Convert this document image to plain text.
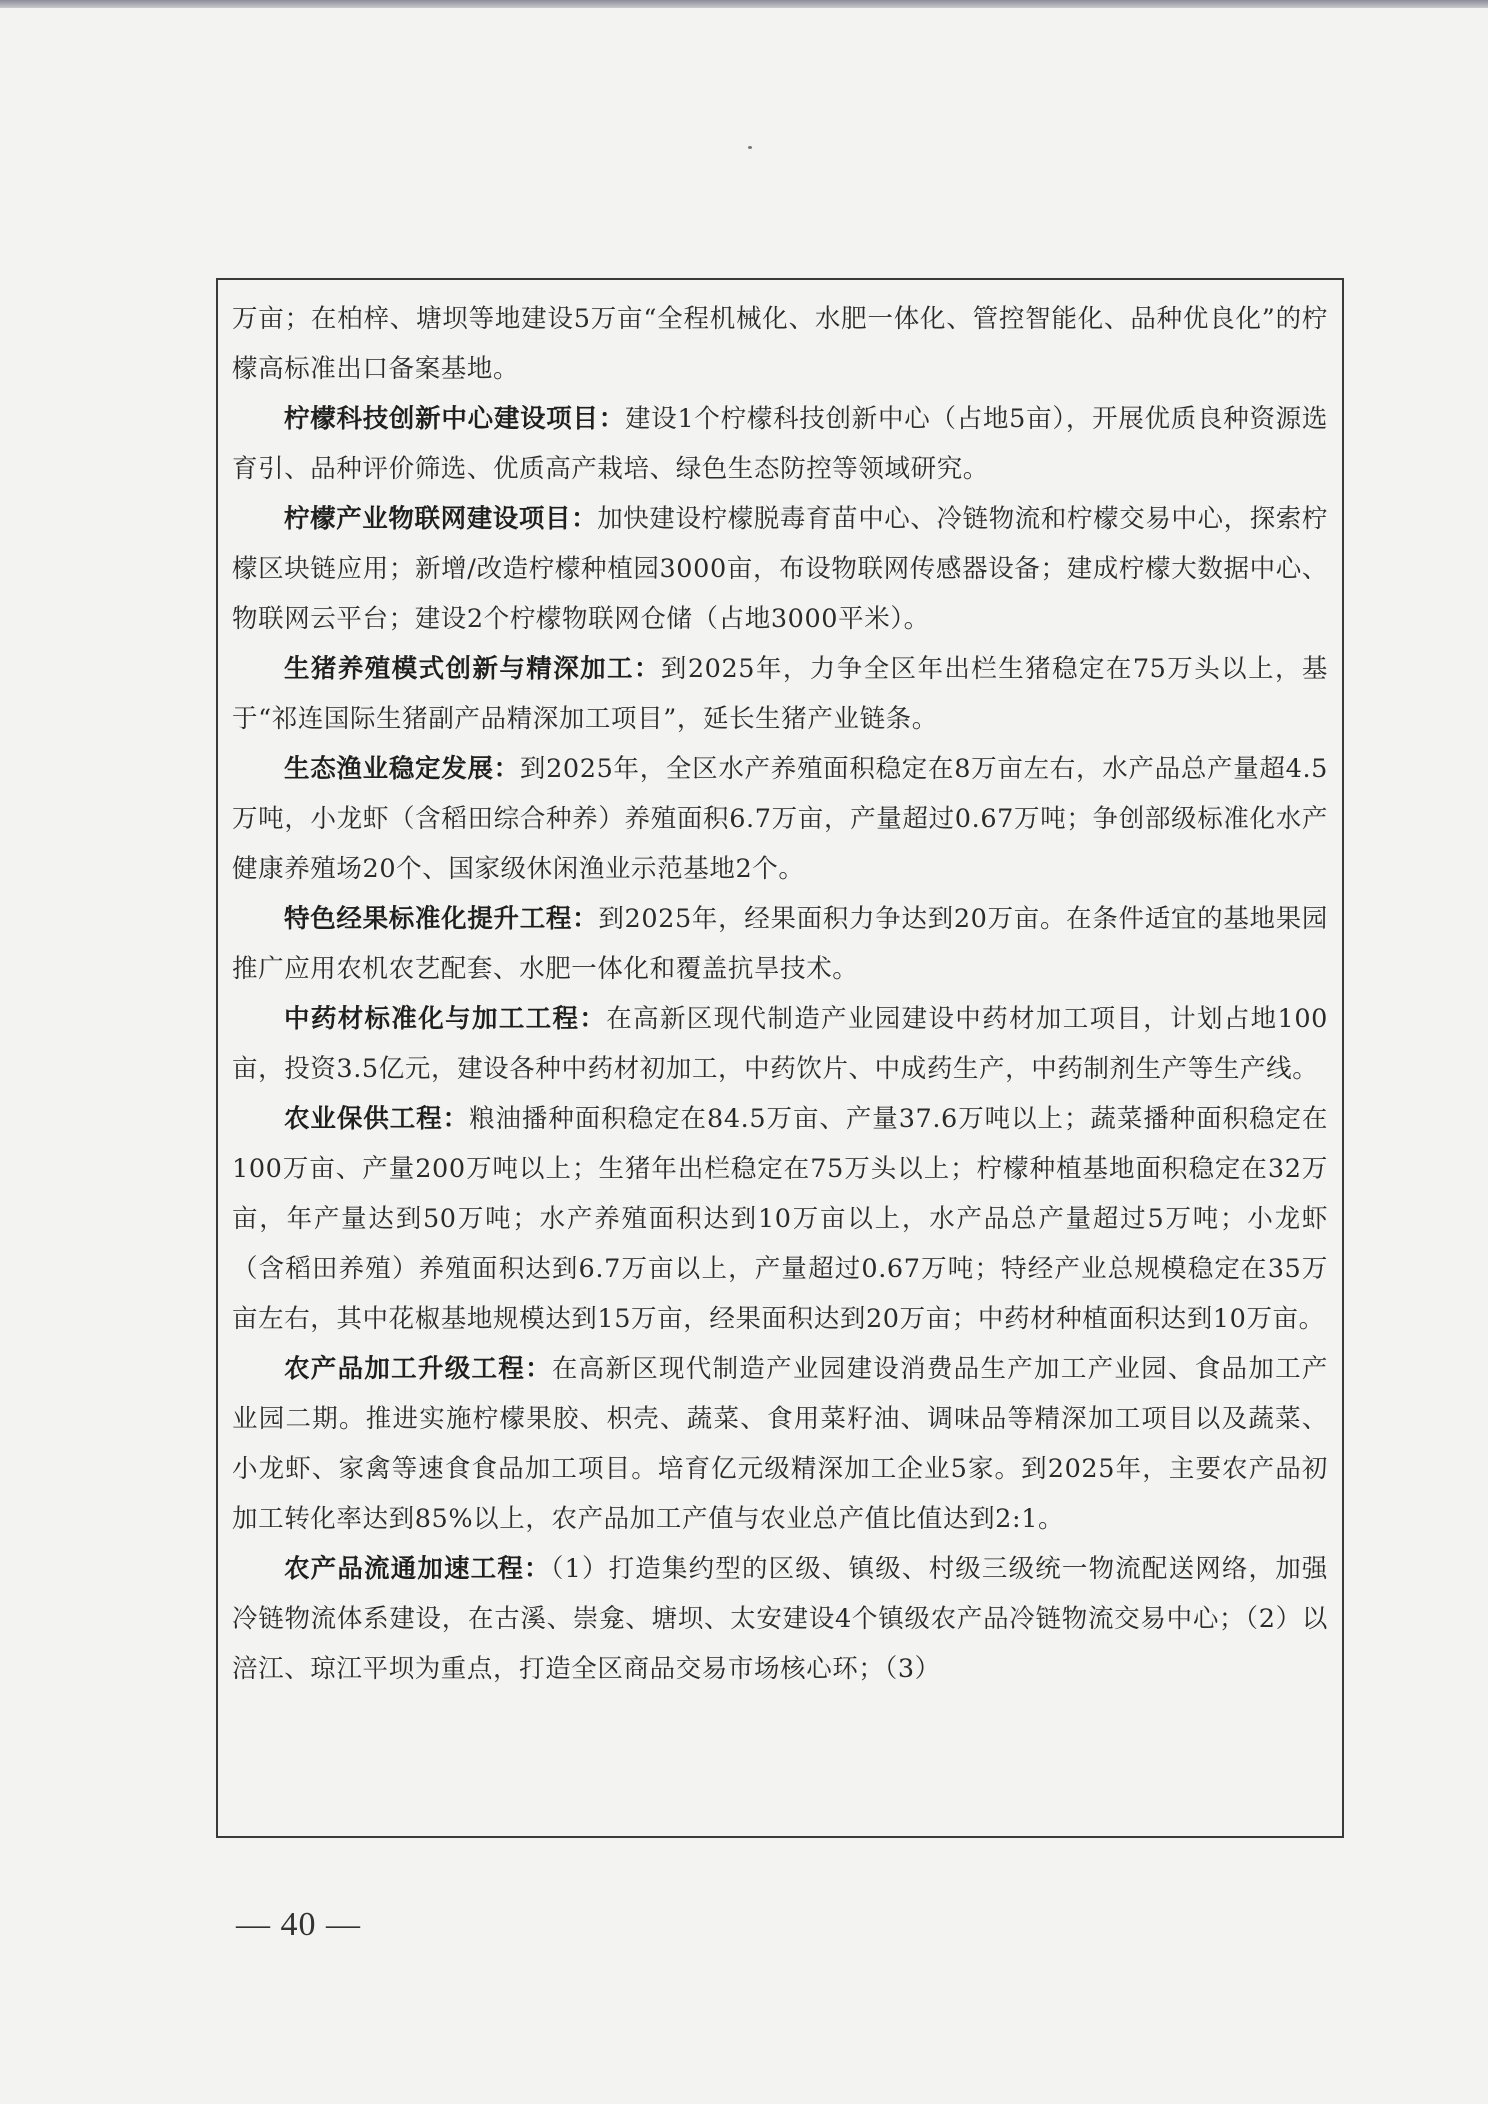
万亩；在柏梓、塘坝等地建设5万亩“全程机械化、水肥一体化、管控智能化、品种优良化”的柠檬高标准出口备案基地。

柠檬科技创新中心建设项目：建设1个柠檬科技创新中心（占地5亩），开展优质良种资源选育引、品种评价筛选、优质高产栽培、绿色生态防控等领域研究。

柠檬产业物联网建设项目：加快建设柠檬脱毒育苗中心、冷链物流和柠檬交易中心，探索柠檬区块链应用；新增/改造柠檬种植园3000亩，布设物联网传感器设备；建成柠檬大数据中心、物联网云平台；建设2个柠檬物联网仓储（占地3000平米）。

生猪养殖模式创新与精深加工：到2025年，力争全区年出栏生猪稳定在75万头以上，基于“祁连国际生猪副产品精深加工项目”，延长生猪产业链条。

生态渔业稳定发展：到2025年，全区水产养殖面积稳定在8万亩左右，水产品总产量超4.5万吨，小龙虾（含稻田综合种养）养殖面积6.7万亩，产量超过0.67万吨；争创部级标准化水产健康养殖场20个、国家级休闲渔业示范基地2个。

特色经果标准化提升工程：到2025年，经果面积力争达到20万亩。在条件适宜的基地果园推广应用农机农艺配套、水肥一体化和覆盖抗旱技术。

中药材标准化与加工工程：在高新区现代制造产业园建设中药材加工项目，计划占地100亩，投资3.5亿元，建设各种中药材初加工，中药饮片、中成药生产，中药制剂生产等生产线。

农业保供工程：粮油播种面积稳定在84.5万亩、产量37.6万吨以上；蔬菜播种面积稳定在100万亩、产量200万吨以上；生猪年出栏稳定在75万头以上；柠檬种植基地面积稳定在32万亩，年产量达到50万吨；水产养殖面积达到10万亩以上，水产品总产量超过5万吨；小龙虾（含稻田养殖）养殖面积达到6.7万亩以上，产量超过0.67万吨；特经产业总规模稳定在35万亩左右，其中花椒基地规模达到15万亩，经果面积达到20万亩；中药材种植面积达到10万亩。

农产品加工升级工程：在高新区现代制造产业园建设消费品生产加工产业园、食品加工产业园二期。推进实施柠檬果胶、枳壳、蔬菜、食用菜籽油、调味品等精深加工项目以及蔬菜、小龙虾、家禽等速食食品加工项目。培育亿元级精深加工企业5家。到2025年，主要农产品初加工转化率达到85%以上，农产品加工产值与农业总产值比值达到2:1。

农产品流通加速工程：（1）打造集约型的区级、镇级、村级三级统一物流配送网络，加强冷链物流体系建设，在古溪、崇龛、塘坝、太安建设4个镇级农产品冷链物流交易中心；（2）以涪江、琼江平坝为重点，打造全区商品交易市场核心环；（3）

— 40 —
